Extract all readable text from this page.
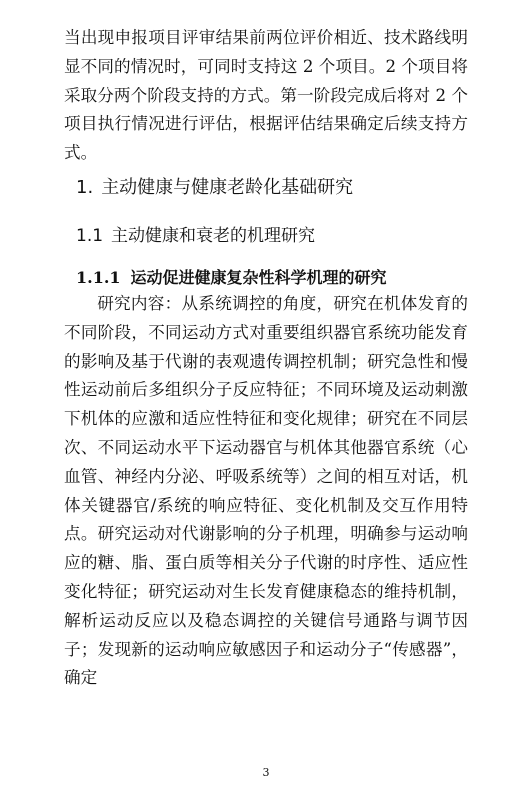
当出现申报项目评审结果前两位评价相近、技术路线明显不同的情况时，可同时支持这 2 个项目。2 个项目将采取分两个阶段支持的方式。第一阶段完成后将对 2 个项目执行情况进行评估，根据评估结果确定后续支持方式。

1. 主动健康与健康老龄化基础研究
1.1 主动健康和衰老的机理研究
1.1.1 运动促进健康复杂性科学机理的研究

研究内容：从系统调控的角度，研究在机体发育的不同阶段，不同运动方式对重要组织器官系统功能发育的影响及基于代谢的表观遗传调控机制；研究急性和慢性运动前后多组织分子反应特征；不同环境及运动刺激下机体的应激和适应性特征和变化规律；研究在不同层次、不同运动水平下运动器官与机体其他器官系统（心血管、神经内分泌、呼吸系统等）之间的相互对话，机体关键器官/系统的响应特征、变化机制及交互作用特点。研究运动对代谢影响的分子机理，明确参与运动响应的糖、脂、蛋白质等相关分子代谢的时序性、适应性变化特征；研究运动对生长发育健康稳态的维持机制，解析运动反应以及稳态调控的关键信号通路与调节因子；发现新的运动响应敏感因子和运动分子“传感器”，确定

3
